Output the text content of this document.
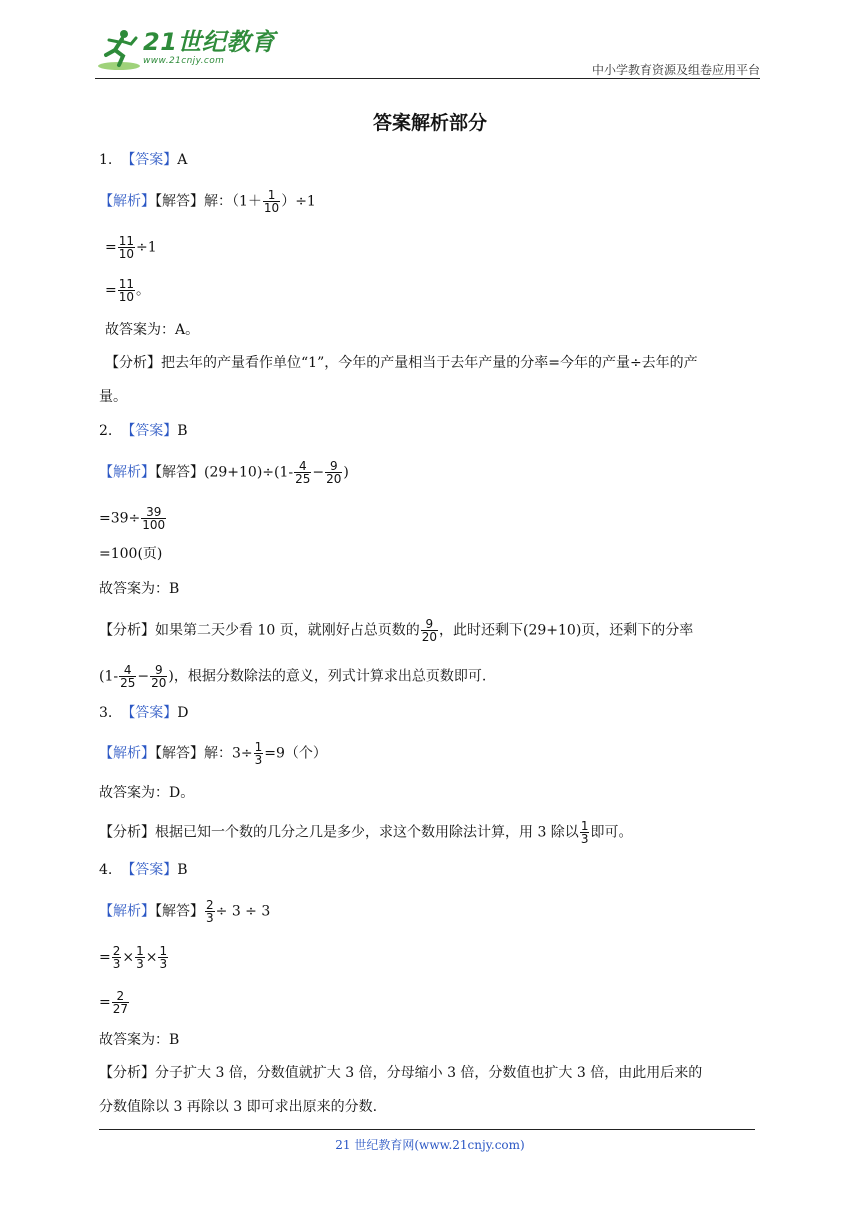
21世纪教育
www.21cnjy.com
中小学教育资源及组卷应用平台
答案解析部分
1. 【答案】A
【解析】【解答】解：$(1+ \frac{1}{10} )\div 1$
= $\frac{11}{10} \div 1$
= $\frac{11}{10}$ 。
故答案为：A。
【分析】把去年的产量看作单位“1”，今年的产量相当于去年产量的分率=今年的产量÷去年的产
量。
2. 【答案】B
【解析】【解答】$(29+10)\div(1- \frac{4}{25} - \frac{9}{20}$ )
$=39\div \frac{39}{100}$
=100(页)
故答案为：B
【分析】如果第二天少看 10 页，就刚好占总页数的 $\frac{9}{20}$ ，此时还剩下(29+10)页，还剩下的分率
($1- \frac{4}{25} - \frac{9}{20}$ )，根据分数除法的意义，列式计算求出总页数即可.
3. 【答案】D
【解析】【解答】解：$3\div \frac{1}{3} =9$（个）
故答案为：D。
【分析】根据已知一个数的几分之几是多少，求这个数用除法计算，用 3 除以 $\frac{1}{3}$ 即可。
4. 【答案】B
【解析】【解答】 $\frac{2}{3} \div 3 \div 3$
= $\frac{2}{3} \times \frac{1}{3} \times \frac{1}{3}$
= $\frac{2}{27}$
故答案为：B
【分析】分子扩大 3 倍，分数值就扩大 3 倍，分母缩小 3 倍，分数值也扩大 3 倍，由此用后来的
分数值除以 3 再除以 3 即可求出原来的分数.
21 世纪教育网(www.21cnjy.com)
